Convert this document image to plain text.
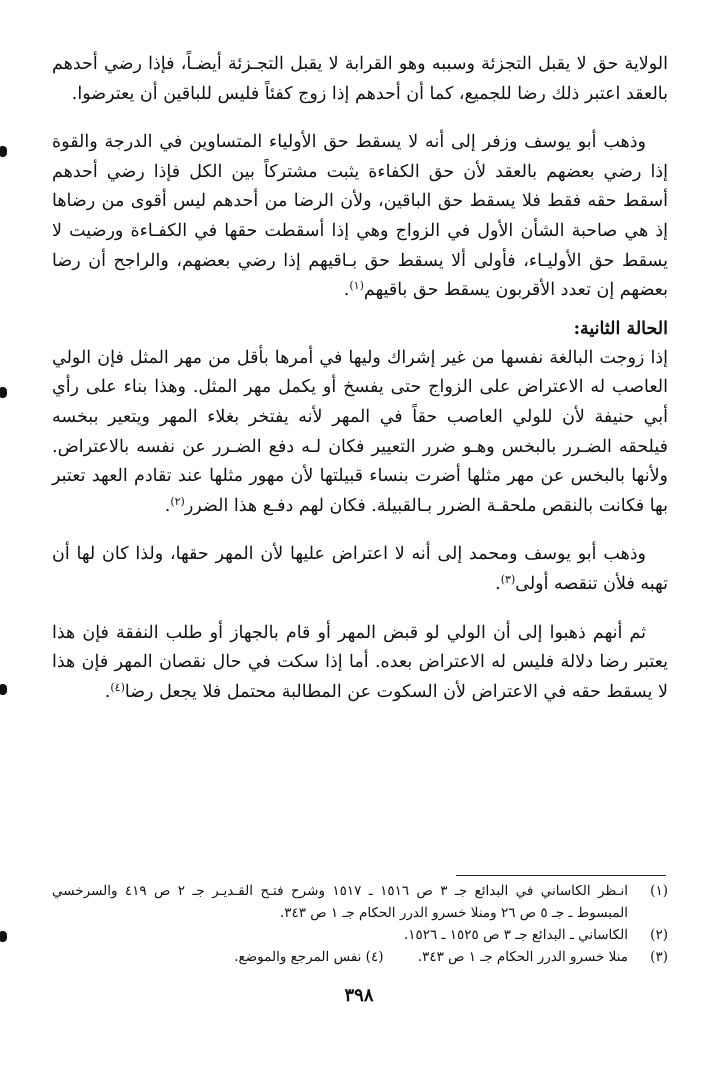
الولاية حق لا يقبل التجزئة وسببه وهو القرابة لا يقبل التجـزئة أيضـاً، فإذا رضي أحدهم بالعقد اعتبر ذلك رضا للجميع، كما أن أحدهم إذا زوج كفئاً فليس للباقين أن يعترضوا.

وذهب أبو يوسف وزفر إلى أنه لا يسقط حق الأولياء المتساوين في الدرجة والقوة إذا رضي بعضهم بالعقد لأن حق الكفاءة يثبت مشتركاً بين الكل فإذا رضي أحدهم أسقط حقه فقط فلا يسقط حق الباقين، ولأن الرضا من أحدهم ليس أقوى من رضاها إذ هي صاحبة الشأن الأول في الزواج وهي إذا أسقطت حقها في الكفـاءة ورضيت لا يسقط حق الأوليـاء، فأولى ألا يسقط حق بـاقيهم إذا رضي بعضهم، والراجح أن رضا بعضهم إن تعدد الأقربون يسقط حق باقيهم$^{(١)}$.

الحالة الثانية:

إذا زوجت البالغة نفسها من غير إشراك وليها في أمرها بأقل من مهر المثل فإن الولي العاصب له الاعتراض على الزواج حتى يفسخ أو يكمل مهر المثل. وهذا بناء على رأي أبي حنيفة لأن للولي العاصب حقاً في المهر لأنه يفتخر بغلاء المهر ويتعير ببخسه فيلحقه الضـرر بالبخس وهـو ضرر التعيير فكان لـه دفع الضـرر عن نفسه بالاعتراض. ولأنها بالبخس عن مهر مثلها أضرت بنساء قبيلتها لأن مهور مثلها عند تقادم العهد تعتبر بها فكانت بالنقص ملحقـة الضرر بـالقبيلة. فكان لهم دفـع هذا الضرر$^{(٢)}$.

وذهب أبو يوسف ومحمد إلى أنه لا اعتراض عليها لأن المهر حقها، ولذا كان لها أن تهبه فلأن تنقصه أولى$^{(٣)}$.

ثم أنهم ذهبوا إلى أن الولي لو قبض المهر أو قام بالجهاز أو طلب النفقة فإن هذا يعتبر رضا دلالة فليس له الاعتراض بعده. أما إذا سكت في حال نقصان المهر فإن هذا لا يسقط حقه في الاعتراض لأن السكوت عن المطالبة محتمل فلا يجعل رضا$^{(٤)}$.

(١)
انـظر الكاساني في البدائع جـ ٣ ص ١٥١٦ ـ ١٥١٧ وشرح فتـح القـديـر جـ ٢ ص ٤١٩ والسرخسي المبسوط ـ جـ ٥ ص ٢٦ ومنلا خسرو الدرر الحكام جـ ١ ص ٣٤٣.
(٢)
الكاساني ـ البدائع جـ ٣ ص ١٥٢٥ ـ ١٥٢٦.
(٣)
منلا خسرو الدرر الحكام جـ ١ ص ٣٤٣. (٤) نفس المرجع والموضع.
٣٩٨
